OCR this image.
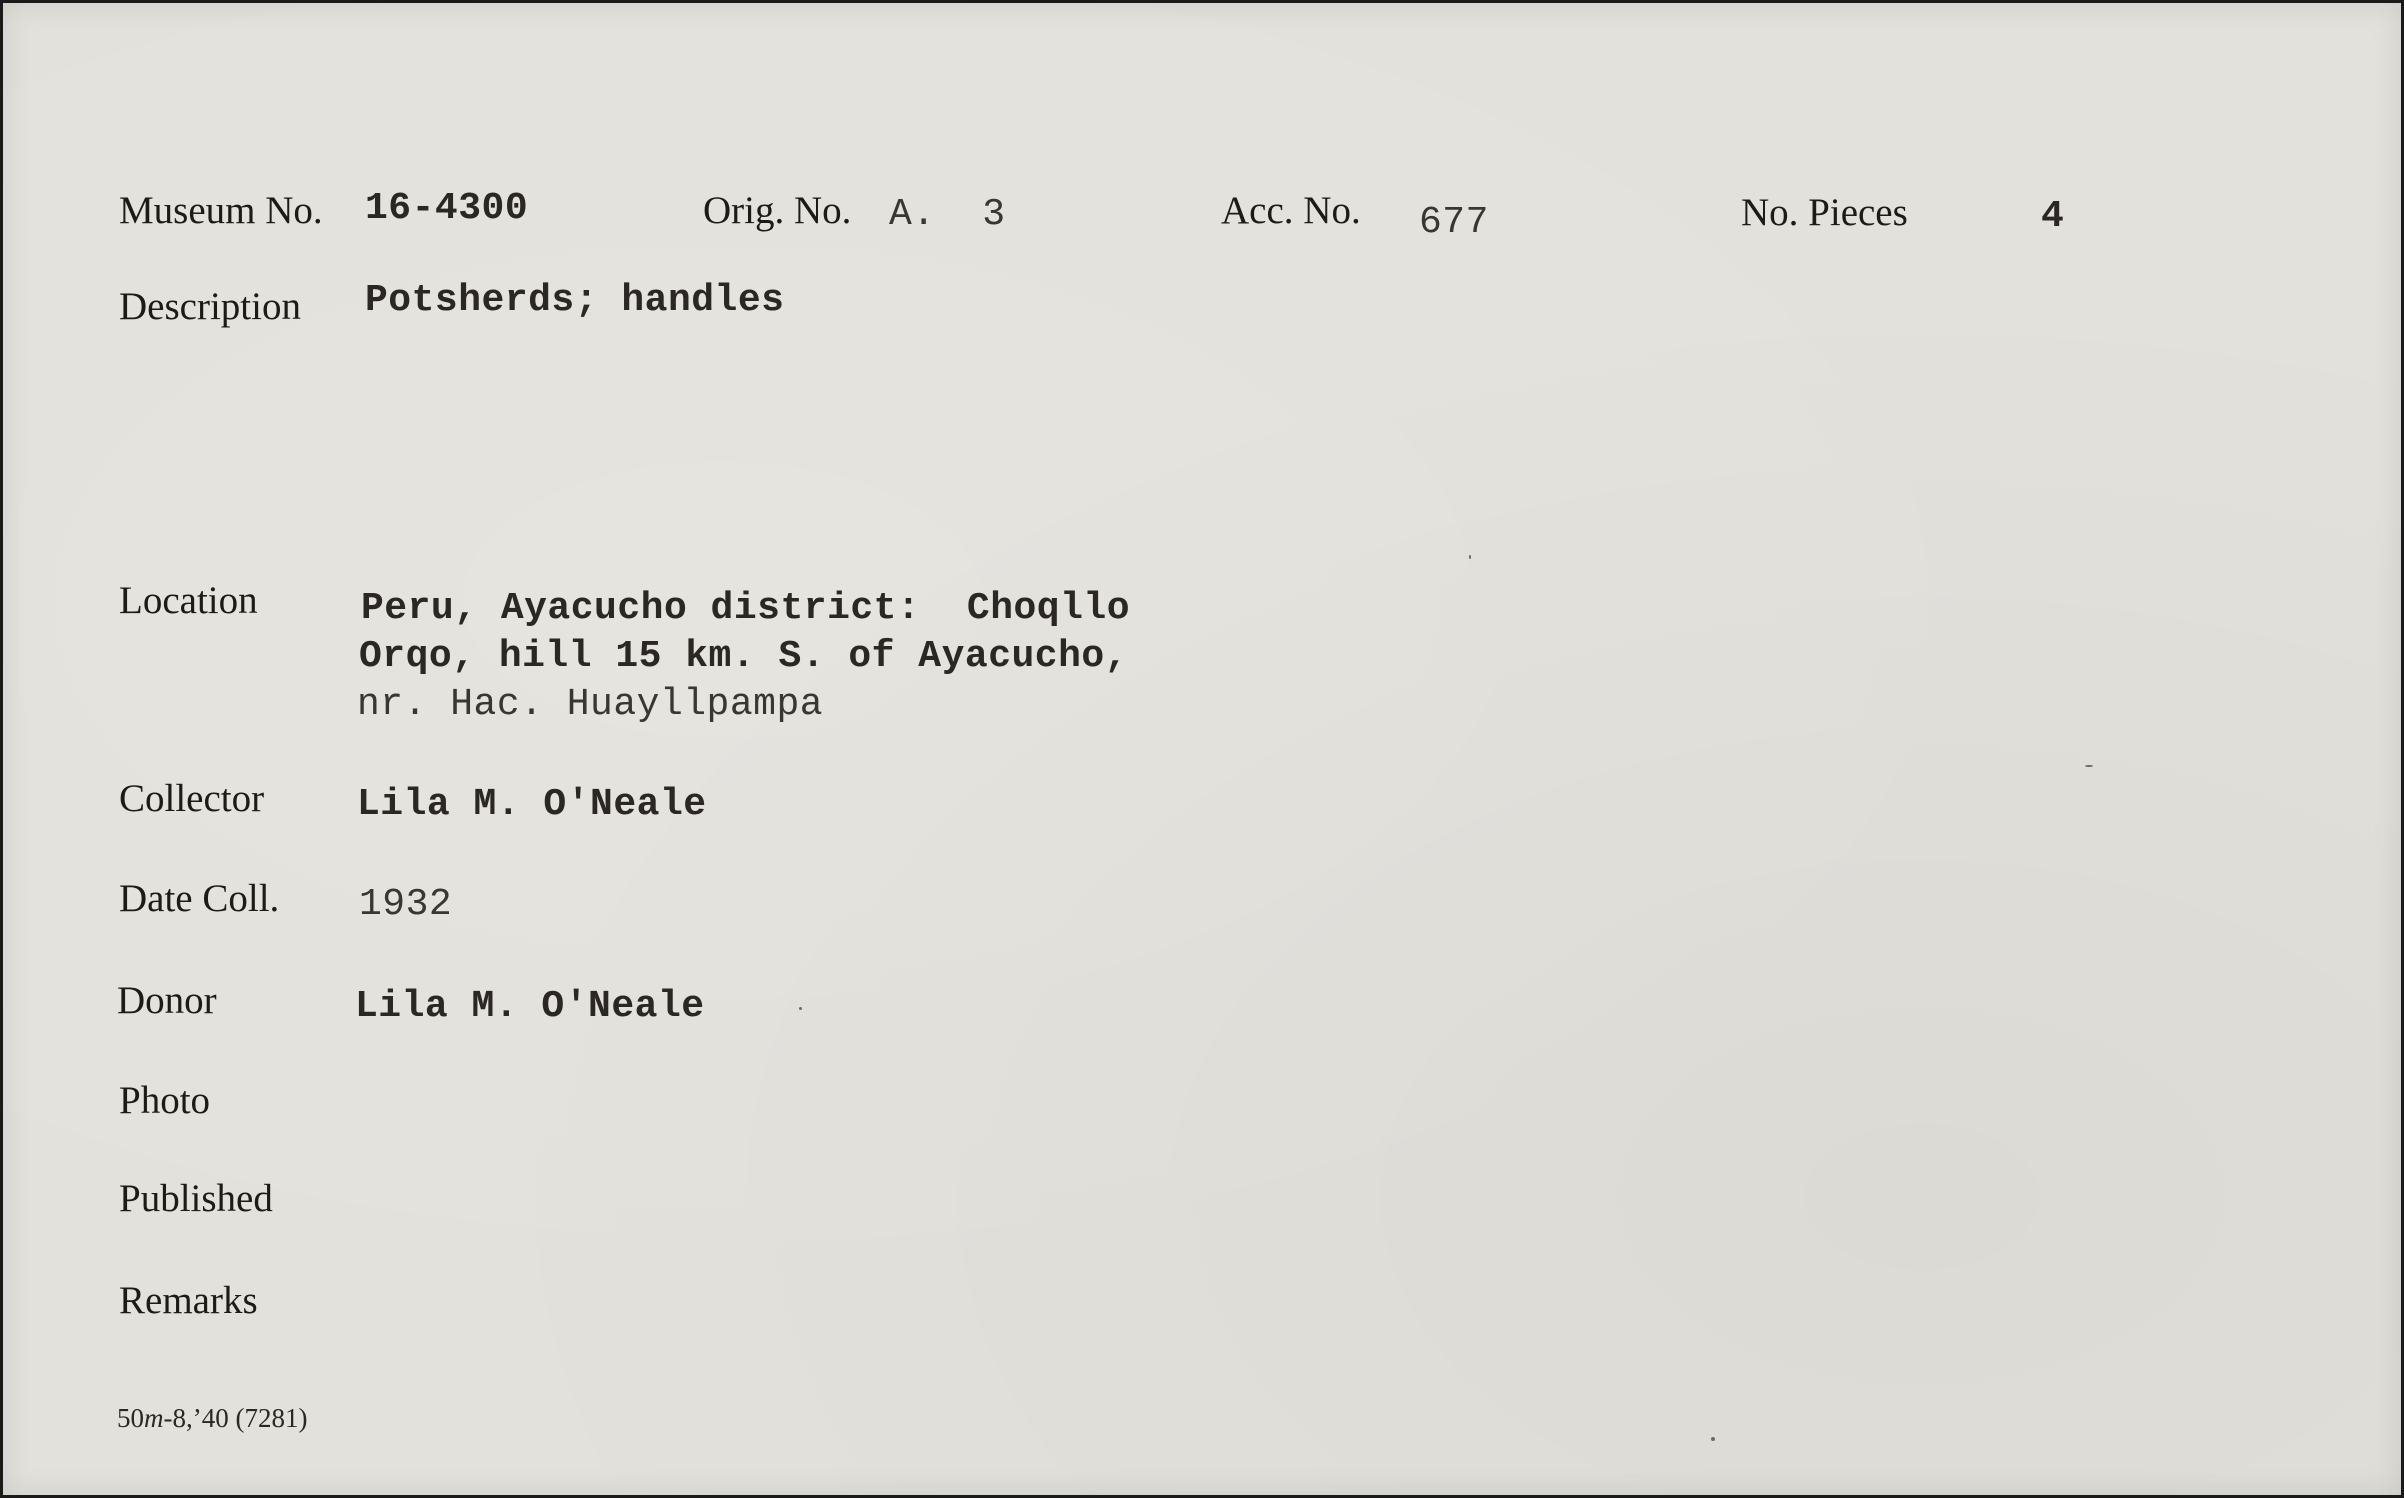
Museum No. 16-4300	Orig. No. A.  3	Acc. No. 677	No. Pieces	4
Description Potsherds; handles
Location	Peru, Ayacucho district:  Choqllo
Orqo, hill 15 km. S. of Ayacucho,
nr. Hac. Huayllpampa
Collector Lila M. O'Neale
Date Coll. 1932
Donor	Lila M. O'Neale
Photo
Published
Remarks
50m-8,’40 (7281)
